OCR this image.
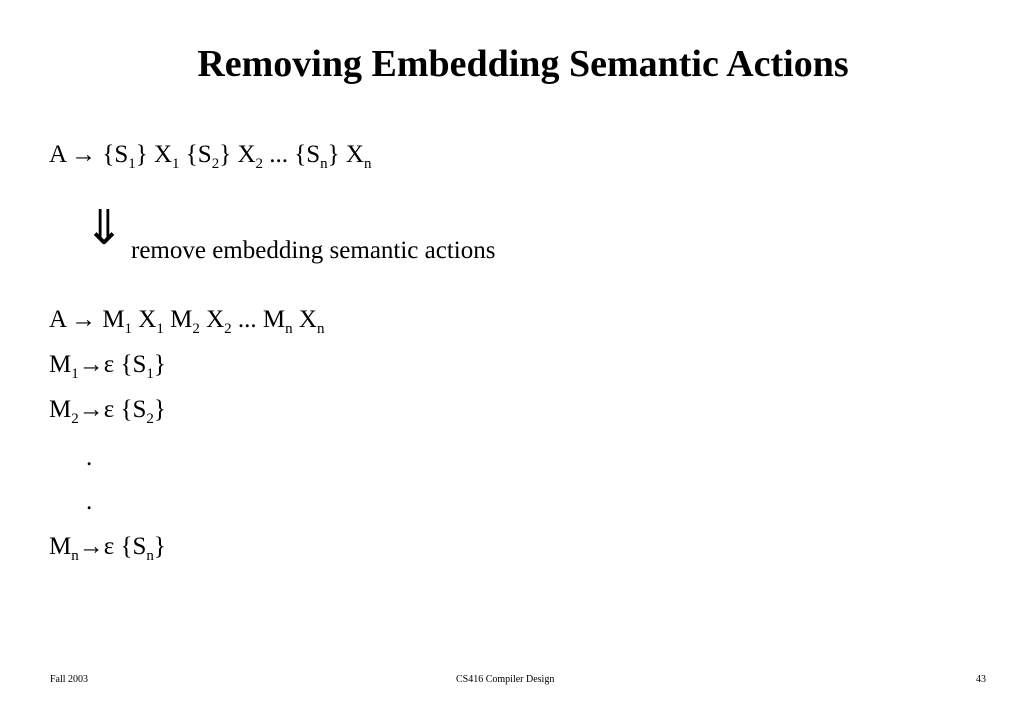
Removing Embedding Semantic Actions
$A \to \{S_1\}$ $X_1$ $\{S_2\}$ $X_2$ ... $\{S_n\}$ $X_n$
⇓ remove embedding semantic actions
$A \to M_1$ $X_1$ $M_2$ $X_2$ ... $M_n$ $X_n$
$M_1\to\varepsilon$ $\{S_1\}$
$M_2\to\varepsilon$ $\{S_2\}$
.
.
$M_n\to\varepsilon$ $\{S_n\}$
Fall 2003	CS416 Compiler Design	43
